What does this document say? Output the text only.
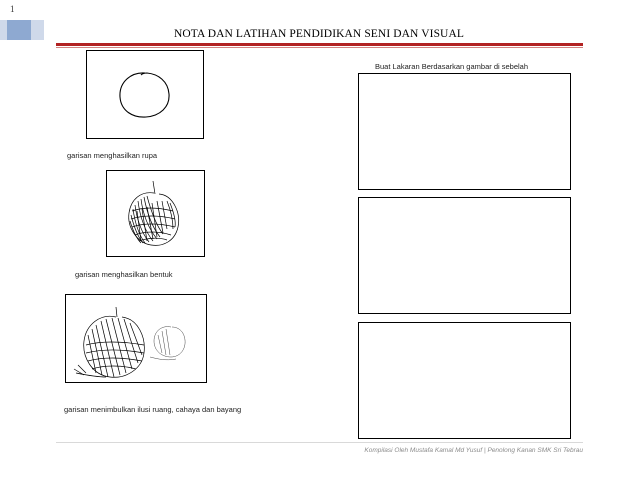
1
NOTA DAN LATIHAN PENDIDIKAN SENI DAN VISUAL
Buat Lakaran Berdasarkan gambar di sebelah
garisan menghasilkan rupa
garisan menghasilkan bentuk
garisan menimbulkan ilusi ruang, cahaya dan bayang
Kompilasi Oleh Mustafa Kamal Md Yusuf | Penolong Kanan SMK Sri Tebrau
